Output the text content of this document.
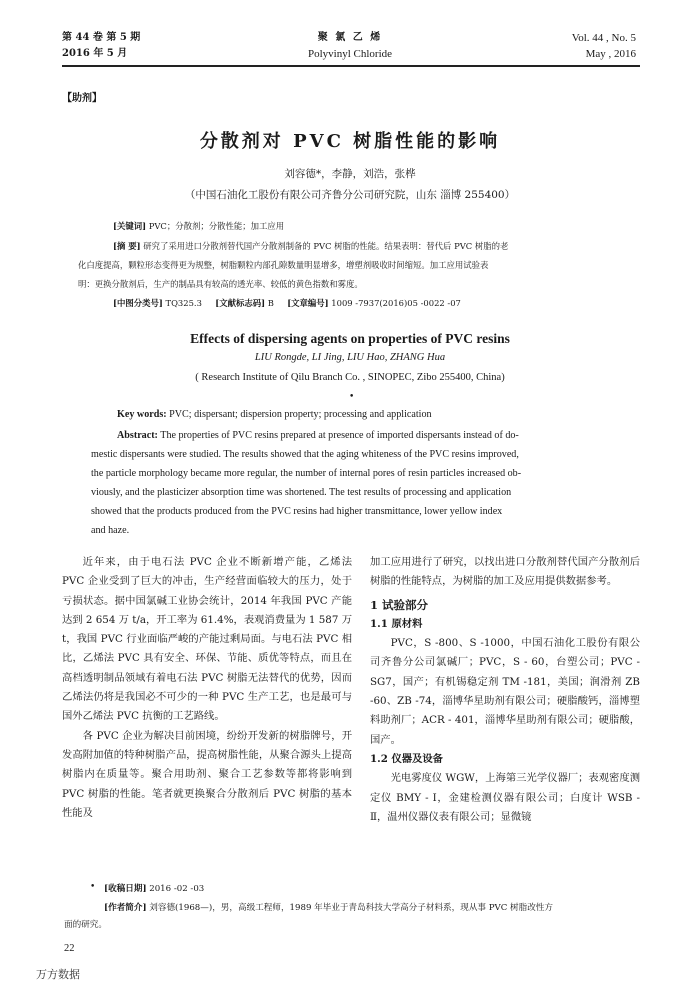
第 44 卷 第 5 期
2016 年 5 月
聚 氯 乙 烯
Polyvinyl Chloride
Vol. 44 , No. 5
May , 2016
【助剂】
分散剂对 PVC 树脂性能的影响
刘容德*，李静，刘浩，张桦
（中国石油化工股份有限公司齐鲁分公司研究院，山东 淄博 255400）
[关键词] PVC；分散剂；分散性能；加工应用
[摘 要] 研究了采用进口分散剂替代国产分散剂制备的 PVC 树脂的性能。结果表明：替代后 PVC 树脂的老
化白度提高，颗粒形态变得更为规整，树脂颗粒内部孔隙数量明显增多，增塑剂吸收时间缩短。加工应用试验表
明：更换分散剂后，生产的制品具有较高的透光率、较低的黄色指数和雾度。
[中图分类号] TQ325.3 [文献标志码] B [文章编号] 1009 -7937(2016)05 -0022 -07
Effects of dispersing agents on properties of PVC resins
LIU Rongde, LI Jing, LIU Hao, ZHANG Hua
( Research Institute of Qilu Branch Co. , SINOPEC, Zibo 255400, China)
•
Key words: PVC; dispersant; dispersion property; processing and application
Abstract: The properties of PVC resins prepared at presence of imported dispersants instead of do-
mestic dispersants were studied. The results showed that the aging whiteness of the PVC resins improved,
the particle morphology became more regular, the number of internal pores of resin particles increased ob-
viously, and the plasticizer absorption time was shortened. The test results of processing and application
showed that the products produced from the PVC resins had higher transmittance, lower yellow index
and haze.

近年来，由于电石法 PVC 企业不断新增产能，乙烯法 PVC 企业受到了巨大的冲击，生产经营面临较大的压力，处于亏损状态。据中国氯碱工业协会统计，2014 年我国 PVC 产能达到 2 654 万 t/a，开工率为 61.4%，表观消费量为 1 587 万 t，我国 PVC 行业面临严峻的产能过剩局面。与电石法 PVC 相比，乙烯法 PVC 具有安全、环保、节能、质优等特点，而且在高档透明制品领域有着电石法 PVC 树脂无法替代的优势，因而乙烯法仍将是我国必不可少的一种 PVC 生产工艺，也是最可与国外乙烯法 PVC 抗衡的工艺路线。

各 PVC 企业为解决目前困境，纷纷开发新的树脂牌号，开发高附加值的特种树脂产品，提高树脂性能，从聚合源头上提高树脂内在质量等。聚合用助剂、聚合工艺参数等都将影响到 PVC 树脂的性能。笔者就更换聚合分散剂后 PVC 树脂的基本性能及

加工应用进行了研究，以找出进口分散剂替代国产分散剂后树脂的性能特点，为树脂的加工及应用提供数据参考。

1 试验部分

1.1 原材料

PVC，S -800、S -1000，中国石油化工股份有限公司齐鲁分公司氯碱厂；PVC，S - 60，台塑公司；PVC -SG7，国产；有机锡稳定剂 TM -181，美国；润滑剂 ZB -60、ZB -74，淄博华星助剂有限公司；硬脂酸钙，淄博塑料助剂厂；ACR - 401，淄博华星助剂有限公司；硬脂酸，国产。

1.2 仪器及设备

光电雾度仪 WGW，上海第三光学仪器厂；表观密度测定仪 BMY - Ⅰ，金建检测仪器有限公司；白度计 WSB - Ⅱ，温州仪器仪表有限公司；显微镜

• [收稿日期] 2016 -02 -03
[作者简介] 刘容德(1968—)，男，高级工程师，1989 年毕业于青岛科技大学高分子材料系，现从事 PVC 树脂改性方
面的研究。
22
万方数据
